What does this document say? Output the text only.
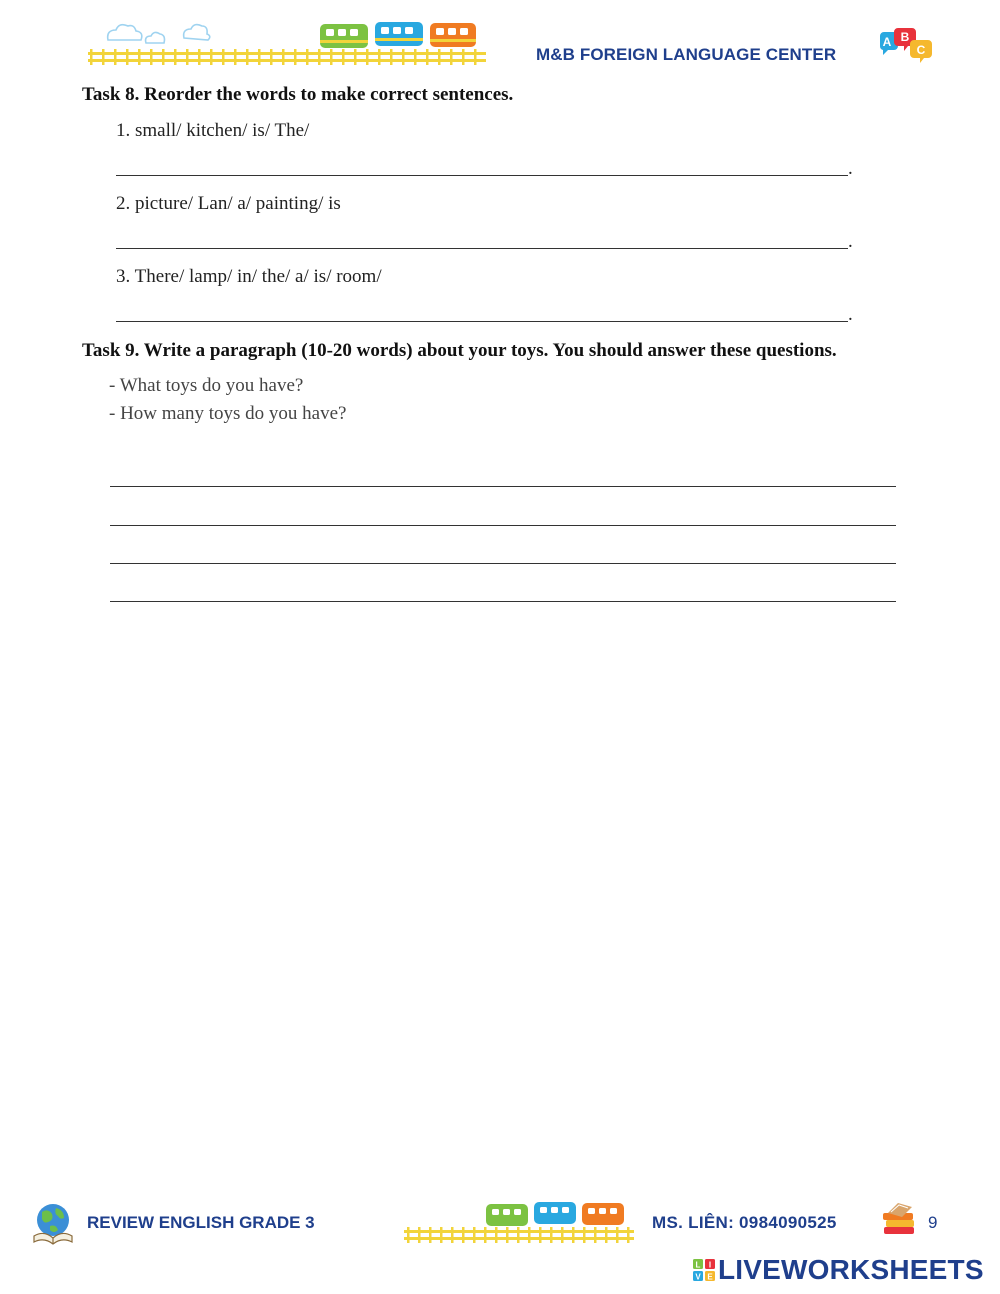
M&B FOREIGN LANGUAGE CENTER
A B
C
Task 8. Reorder the words to make correct sentences.
1. small/ kitchen/ is/ The/
.
2. picture/ Lan/ a/ painting/ is
.
3. There/ lamp/ in/ the/ a/ is/ room/
.
Task 9. Write a paragraph (10-20 words) about your toys. You should answer these questions.
- What toys do you have?
- How many toys do you have?
REVIEW ENGLISH GRADE 3	MS. LIÊN: 0984090525	9
L I
V E LIVEWORKSHEETS
